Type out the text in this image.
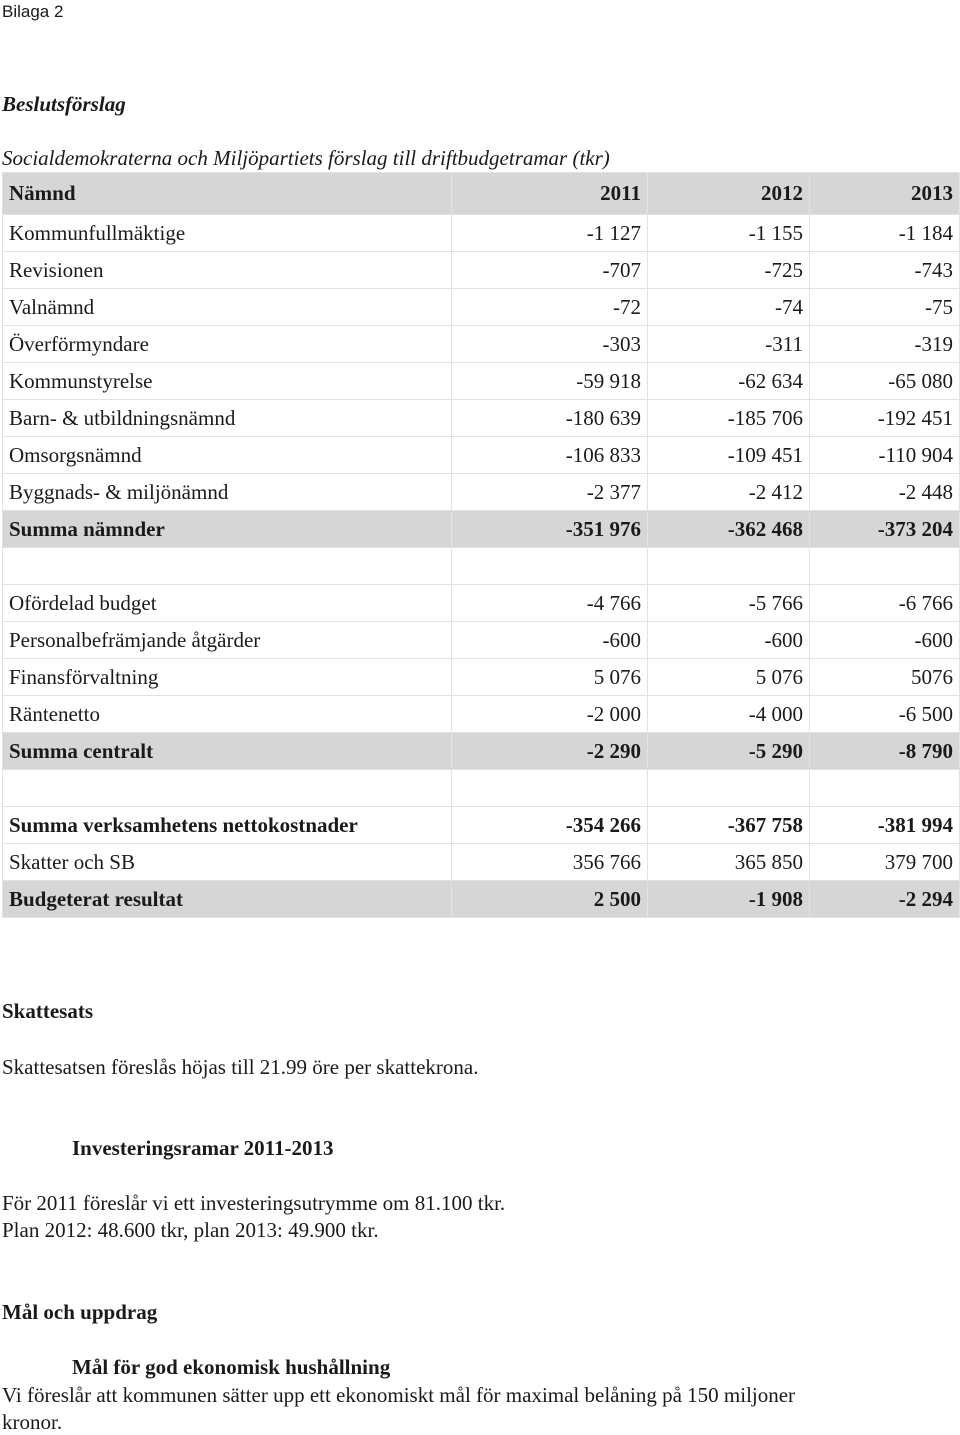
Bilaga 2
Beslutsförslag
Socialdemokraterna och Miljöpartiets förslag till driftbudgetramar (tkr)
Nämnd	2011	2012	2013
Kommunfullmäktige	-1 127	-1 155	-1 184
Revisionen	-707	-725	-743
Valnämnd	-72	-74	-75
Överförmyndare	-303	-311	-319
Kommunstyrelse	-59 918	-62 634	-65 080
Barn- & utbildningsnämnd	-180 639	-185 706	-192 451
Omsorgsnämnd	-106 833	-109 451	-110 904
Byggnads- & miljönämnd	-2 377	-2 412	-2 448
Summa nämnder	-351 976	-362 468	-373 204

Ofördelad budget	-4 766	-5 766	-6 766
Personalbefrämjande åtgärder	-600	-600	-600
Finansförvaltning	5 076	5 076	5076
Räntenetto	-2 000	-4 000	-6 500
Summa centralt	-2 290	-5 290	-8 790

Summa verksamhetens nettokostnader	-354 266	-367 758	-381 994
Skatter och SB	356 766	365 850	379 700
Budgeterat resultat	2 500	-1 908	-2 294
Skattesats
Skattesatsen föreslås höjas till 21.99 öre per skattekrona.
Investeringsramar 2011-2013
För 2011 föreslår vi ett investeringsutrymme om 81.100 tkr.
Plan 2012: 48.600 tkr, plan 2013: 49.900 tkr.
Mål och uppdrag
Mål för god ekonomisk hushållning
Vi föreslår att kommunen sätter upp ett ekonomiskt mål för maximal belåning på 150 miljoner
kronor.
